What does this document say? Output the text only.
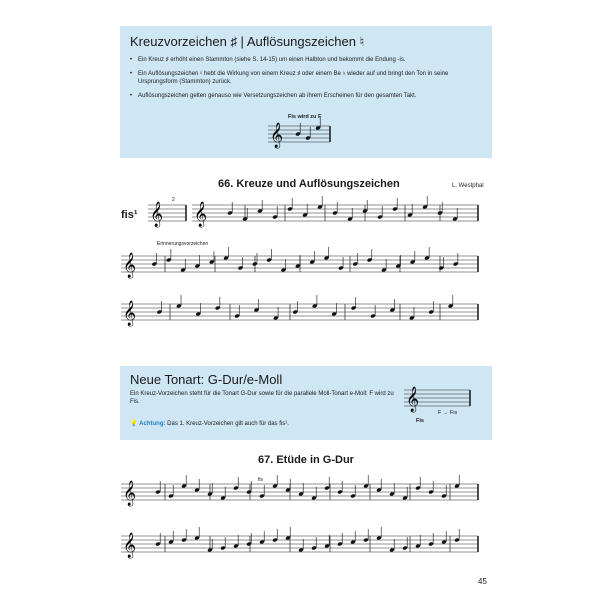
Kreuzvorzeichen ♯ | Auflösungszeichen ♮
• Ein Kreuz ♯ erhöht einen Stammton (siehe S. 14-15) um einen Halbton und bekommt die Endung -is.
• Ein Auflösungszeichen ♮ hebt die Wirkung von einem Kreuz ♯ oder einem Be ♭ wieder auf und bringt den Ton in seine Ursprungsform (Stammton) zurück.
• Auflösungszeichen gelten genauso wie Versetzungszeichen ab ihrem Erscheinen für den gesamten Takt.
Fis wird zu F
66. Kreuze und Auflösungszeichen	L. Westphal
fis¹
2
Erinnerungsvorzeichen
Neue Tonart: G-Dur/e-Moll
Ein Kreuz-Vorzeichen steht für die Tonart G-Dur sowie für die parallele Moll-Tonart e-Moll: F wird zu Fis.
💡 Achtung: Das 1. Kreuz-Vorzeichen gilt auch für das fis¹.	Fis
F → Fis
67. Etüde in G-Dur
fis
45
𝄞
𝄞 𝄞
𝄞
𝄞
𝄞
𝄞
𝄞
